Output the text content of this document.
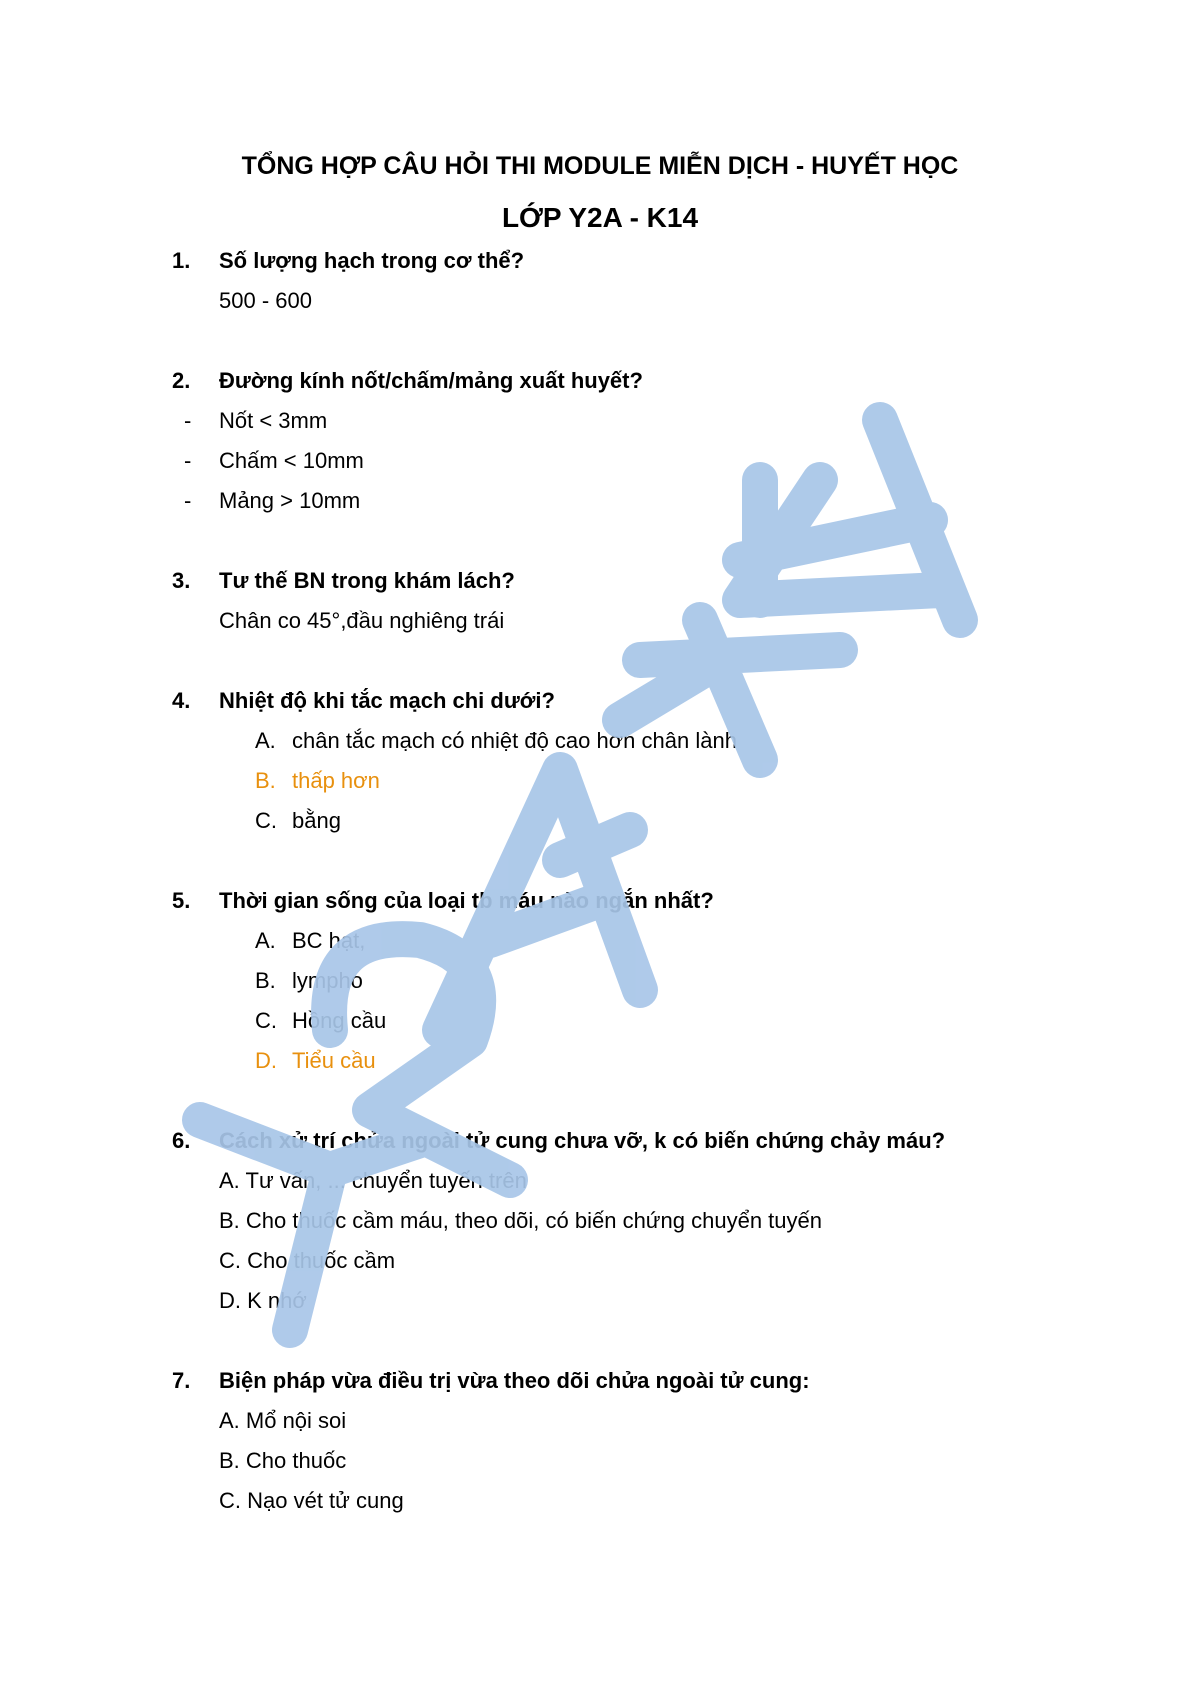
TỔNG HỢP CÂU HỎI THI MODULE MIỄN DỊCH - HUYẾT HỌC
LỚP Y2A - K14
1. Số lượng hạch trong cơ thể?
500 - 600
2. Đường kính nốt/chấm/mảng xuất huyết?
- Nốt < 3mm
- Chấm < 10mm
- Mảng > 10mm
3. Tư thế BN trong khám lách?
Chân co 45°,đầu nghiêng trái
4. Nhiệt độ khi tắc mạch chi dưới?
A. chân tắc mạch có nhiệt độ cao hơn chân lành
B. thấp hơn
C. bằng
5. Thời gian sống của loại tb máu nào ngắn nhất?
A. BC hạt,
B. lympho
C. Hồng cầu
D. Tiểu cầu
6. Cách xử trí chửa ngoài tử cung chưa vỡ, k có biến chứng chảy máu?
A. Tư vấn, ... chuyển tuyến trên
B. Cho thuốc cầm máu, theo dõi, có biến chứng chuyển tuyến
C. Cho thuốc cầm
D. K nhớ
7. Biện pháp vừa điều trị vừa theo dõi chửa ngoài tử cung:
A. Mổ nội soi
B. Cho thuốc
C. Nạo vét tử cung
